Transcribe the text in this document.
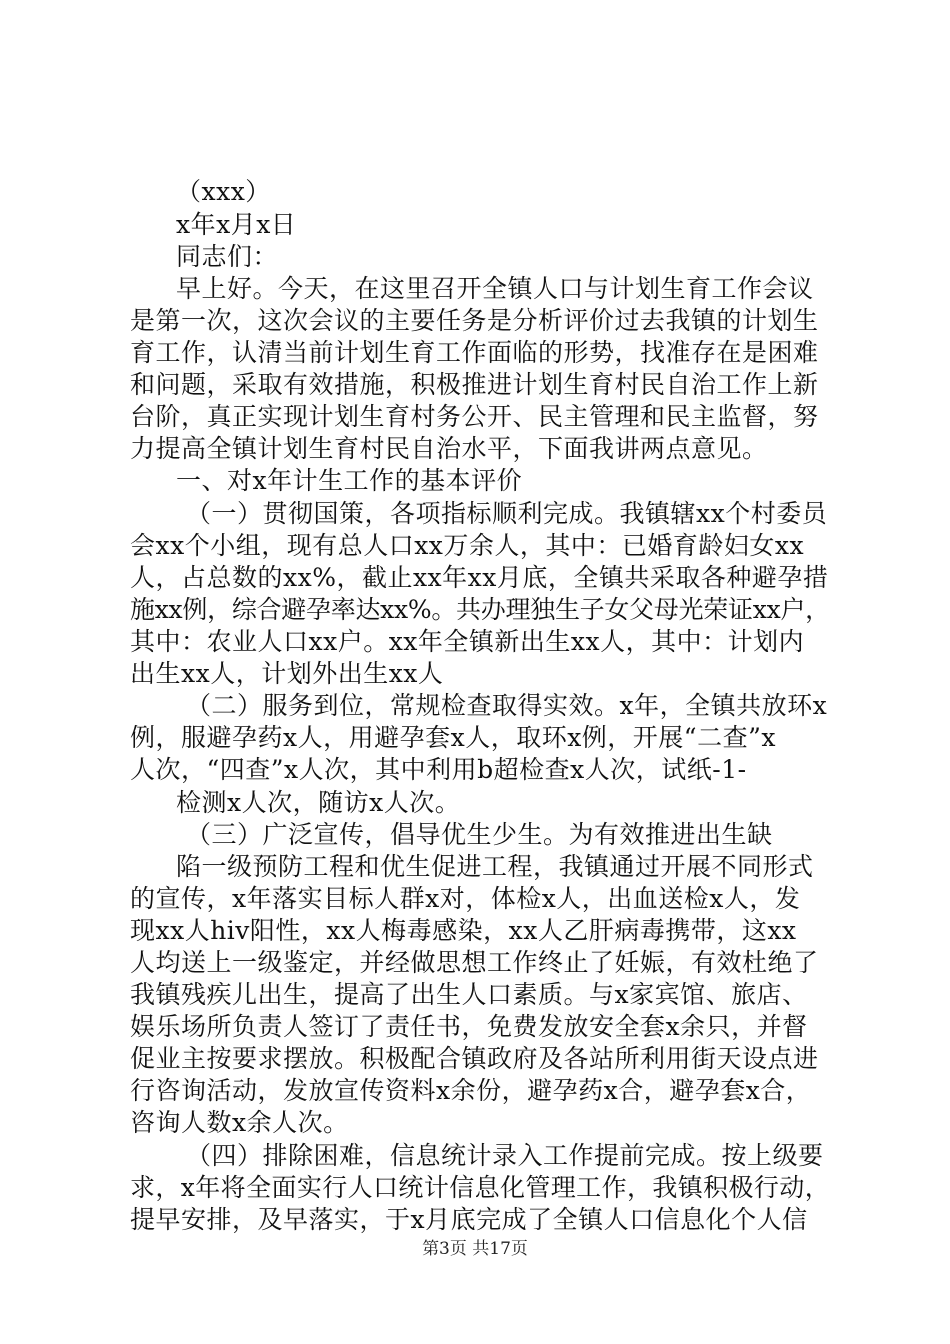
（xxx）
x年x月x日
同志们：
早上好。今天，在这里召开全镇人口与计划生育工作会议
是第一次，这次会议的主要任务是分析评价过去我镇的计划生
育工作，认清当前计划生育工作面临的形势，找准存在是困难
和问题，采取有效措施，积极推进计划生育村民自治工作上新
台阶，真正实现计划生育村务公开、民主管理和民主监督，努
力提高全镇计划生育村民自治水平，下面我讲两点意见。
一、对x年计生工作的基本评价
（一）贯彻国策，各项指标顺利完成。我镇辖xx个村委员
会xx个小组，现有总人口xx万余人，其中：已婚育龄妇女xx
人，占总数的xx%，截止xx年xx月底，全镇共采取各种避孕措
施xx例，综合避孕率达xx%。共办理独生子女父母光荣证xx户，
其中：农业人口xx户。xx年全镇新出生xx人，其中：计划内
出生xx人，计划外出生xx人
（二）服务到位，常规检查取得实效。x年，全镇共放环x
例，服避孕药x人，用避孕套x人，取环x例，开展“二查”x
人次，“四查”x人次，其中利用b超检查x人次，试纸-1-
检测x人次，随访x人次。
（三）广泛宣传，倡导优生少生。为有效推进出生缺
陷一级预防工程和优生促进工程，我镇通过开展不同形式
的宣传，x年落实目标人群x对，体检x人，出血送检x人，发
现xx人hiv阳性，xx人梅毒感染，xx人乙肝病毒携带，这xx
人均送上一级鉴定，并经做思想工作终止了妊娠，有效杜绝了
我镇残疾儿出生，提高了出生人口素质。与x家宾馆、旅店、
娱乐场所负责人签订了责任书，免费发放安全套x余只，并督
促业主按要求摆放。积极配合镇政府及各站所利用街天设点进
行咨询活动，发放宣传资料x余份，避孕药x合，避孕套x合，
咨询人数x余人次。
（四）排除困难，信息统计录入工作提前完成。按上级要
求，x年将全面实行人口统计信息化管理工作，我镇积极行动，
提早安排，及早落实，于x月底完成了全镇人口信息化个人信
第3页 共17页
